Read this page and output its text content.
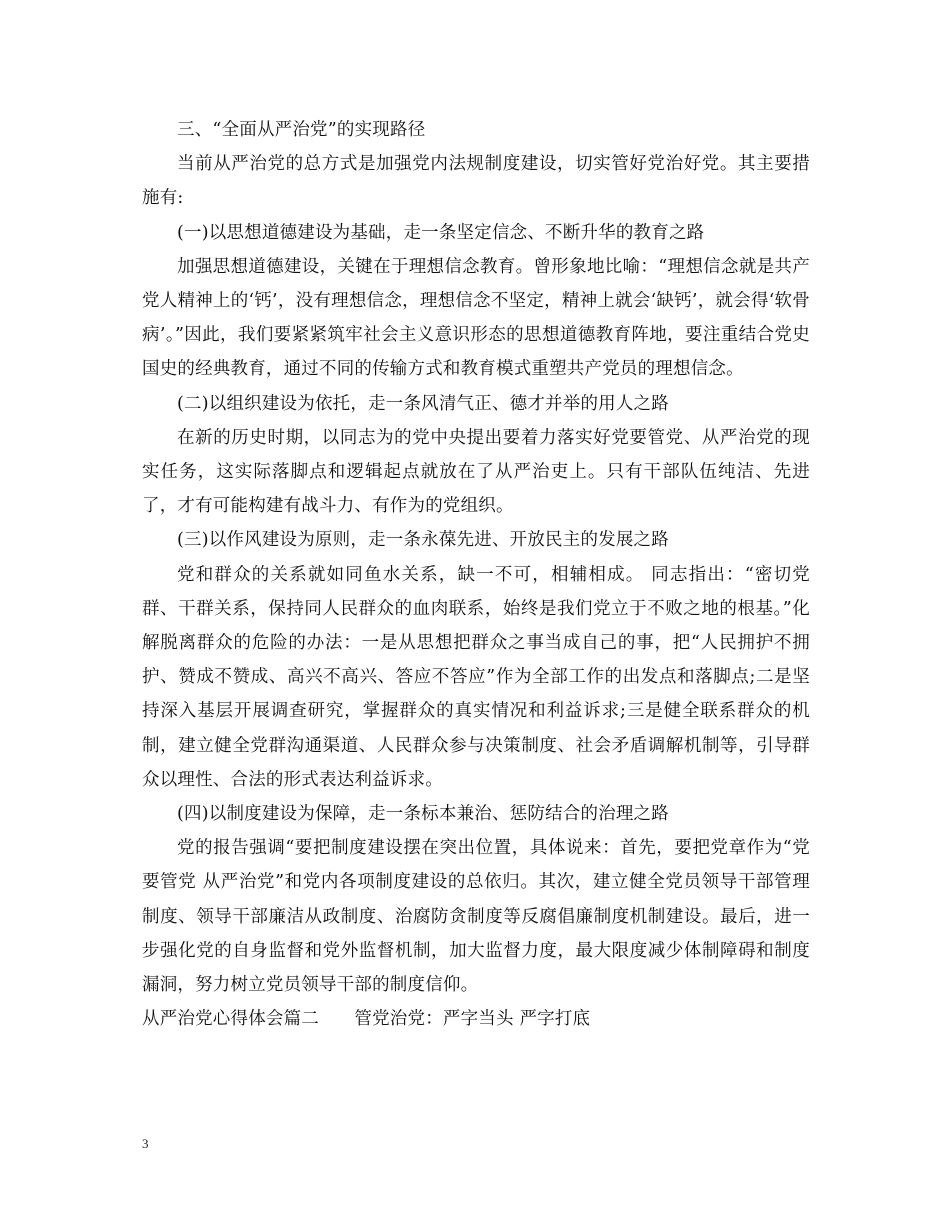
三、“全面从严治党”的实现路径

当前从严治党的总方式是加强党内法规制度建设，切实管好党治好党。其主要措施有:

(一)以思想道德建设为基础，走一条坚定信念、不断升华的教育之路

加强思想道德建设，关键在于理想信念教育。曾形象地比喻：“理想信念就是共产党人精神上的‘钙’，没有理想信念，理想信念不坚定，精神上就会‘缺钙’，就会得‘软骨病’。”因此，我们要紧紧筑牢社会主义意识形态的思想道德教育阵地，要注重结合党史国史的经典教育，通过不同的传输方式和教育模式重塑共产党员的理想信念。

(二)以组织建设为依托，走一条风清气正、德才并举的用人之路

在新的历史时期，以同志为的党中央提出要着力落实好党要管党、从严治党的现实任务，这实际落脚点和逻辑起点就放在了从严治吏上。只有干部队伍纯洁、先进了，才有可能构建有战斗力、有作为的党组织。

(三)以作风建设为原则，走一条永葆先进、开放民主的发展之路

党和群众的关系就如同鱼水关系，缺一不可，相辅相成。 同志指出：“密切党群、干群关系，保持同人民群众的血肉联系，始终是我们党立于不败之地的根基。”化解脱离群众的危险的办法：一是从思想把群众之事当成自己的事，把“人民拥护不拥护、赞成不赞成、高兴不高兴、答应不答应”作为全部工作的出发点和落脚点;二是坚持深入基层开展调查研究，掌握群众的真实情况和利益诉求;三是健全联系群众的机制，建立健全党群沟通渠道、人民群众参与决策制度、社会矛盾调解机制等，引导群众以理性、合法的形式表达利益诉求。

(四)以制度建设为保障，走一条标本兼治、惩防结合的治理之路

党的报告强调“要把制度建设摆在突出位置，具体说来：首先，要把党章作为“党要管党 从严治党”和党内各项制度建设的总依归。其次，建立健全党员领导干部管理制度、领导干部廉洁从政制度、治腐防贪制度等反腐倡廉制度机制建设。最后，进一步强化党的自身监督和党外监督机制，加大监督力度，最大限度减少体制障碍和制度漏洞，努力树立党员领导干部的制度信仰。

从严治党心得体会篇二　　管党治党：严字当头 严字打底

3
